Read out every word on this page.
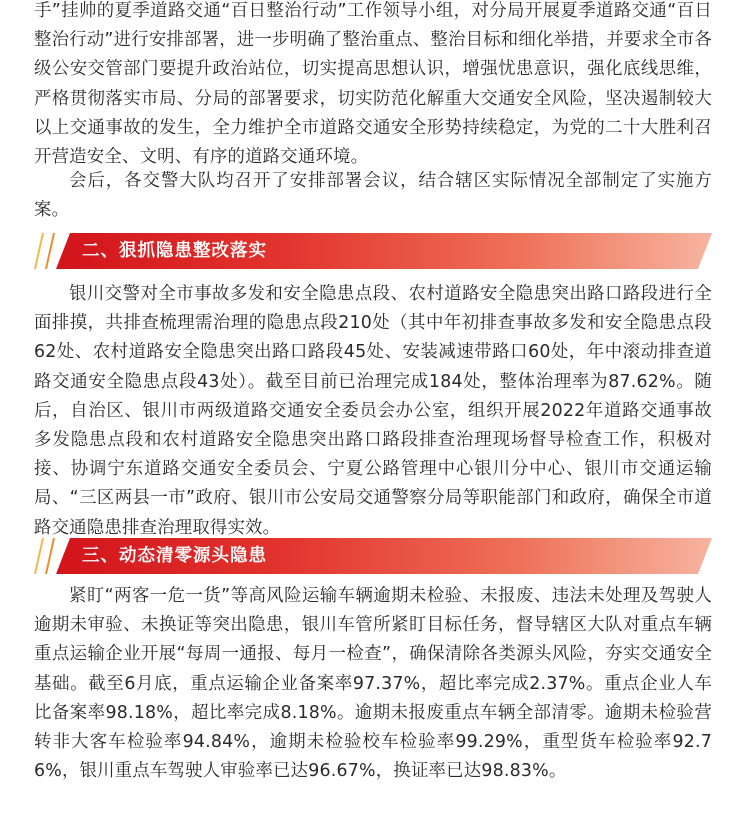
手”挂帅的夏季道路交通“百日整治行动”工作领导小组，对分局开展夏季道路交通“百日整治行动”进行安排部署，进一步明确了整治重点、整治目标和细化举措，并要求全市各级公安交管部门要提升政治站位，切实提高思想认识，增强忧患意识，强化底线思维，严格贯彻落实市局、分局的部署要求，切实防范化解重大交通安全风险，坚决遏制较大以上交通事故的发生，全力维护全市道路交通安全形势持续稳定，为党的二十大胜利召开营造安全、文明、有序的道路交通环境。

会后，各交警大队均召开了安排部署会议，结合辖区实际情况全部制定了实施方案。

二、狠抓隐患整改落实

银川交警对全市事故多发和安全隐患点段、农村道路安全隐患突出路口路段进行全面排摸，共排查梳理需治理的隐患点段210处（其中年初排查事故多发和安全隐患点段62处、农村道路安全隐患突出路口路段45处、安装减速带路口60处，年中滚动排查道路交通安全隐患点段43处）。截至目前已治理完成184处，整体治理率为87.62%。随后，自治区、银川市两级道路交通安全委员会办公室，组织开展2022年道路交通事故多发隐患点段和农村道路安全隐患突出路口路段排查治理现场督导检查工作，积极对接、协调宁东道路交通安全委员会、宁夏公路管理中心银川分中心、银川市交通运输局、“三区两县一市”政府、银川市公安局交通警察分局等职能部门和政府，确保全市道路交通隐患排查治理取得实效。

三、动态清零源头隐患

紧盯“两客一危一货”等高风险运输车辆逾期未检验、未报废、违法未处理及驾驶人逾期未审验、未换证等突出隐患，银川车管所紧盯目标任务，督导辖区大队对重点车辆重点运输企业开展“每周一通报、每月一检查”，确保清除各类源头风险，夯实交通安全基础。截至6月底，重点运输企业备案率97.37%，超比率完成2.37%。重点企业人车比备案率98.18%，超比率完成8.18%。逾期未报废重点车辆全部清零。逾期未检验营转非大客车检验率94.84%，逾期未检验校车检验率99.29%，重型货车检验率92.76%，银川重点车驾驶人审验率已达96.67%，换证率已达98.83%。
